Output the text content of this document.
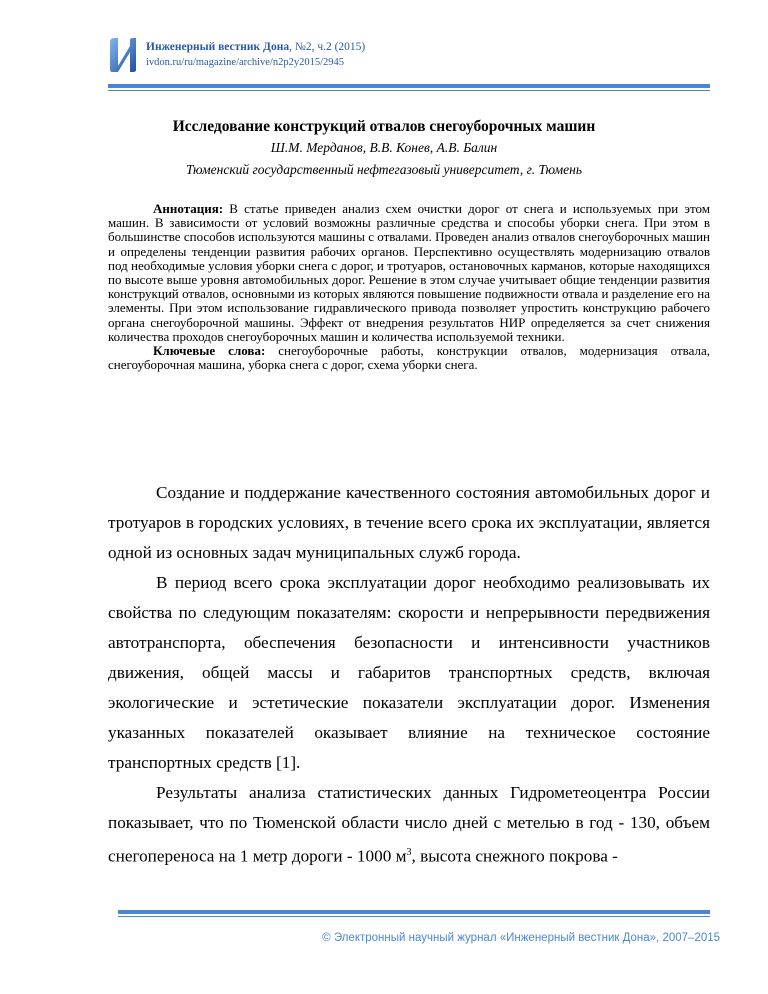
Инженерный вестник Дона, №2, ч.2 (2015)
ivdon.ru/ru/magazine/archive/n2p2y2015/2945
Исследование конструкций отвалов снегоуборочных машин
Ш.М. Мерданов, В.В. Конев, А.В. Балин
Тюменский государственный нефтегазовый университет, г. Тюмень

Аннотация: В статье приведен анализ схем очистки дорог от снега и используемых при этом машин. В зависимости от условий возможны различные средства и способы уборки снега. При этом в большинстве способов используются машины с отвалами. Проведен анализ отвалов снегоуборочных машин и определены тенденции развития рабочих органов. Перспективно осуществлять модернизацию отвалов под необходимые условия уборки снега с дорог, и тротуаров, остановочных карманов, которые находящихся по высоте выше уровня автомобильных дорог. Решение в этом случае учитывает общие тенденции развития конструкций отвалов, основными из которых являются повышение подвижности отвала и разделение его на элементы. При этом использование гидравлического привода позволяет упростить конструкцию рабочего органа снегоуборочной машины. Эффект от внедрения результатов НИР определяется за счет снижения количества проходов снегоуборочных машин и количества используемой техники.

Ключевые слова: снегоуборочные работы, конструкции отвалов, модернизация отвала, снегоуборочная машина, уборка снега с дорог, схема уборки снега.

Создание и поддержание качественного состояния автомобильных дорог и тротуаров в городских условиях, в течение всего срока их эксплуатации, является одной из основных задач муниципальных служб города.

В период всего срока эксплуатации дорог необходимо реализовывать их свойства по следующим показателям: скорости и непрерывности передвижения автотранспорта, обеспечения безопасности и интенсивности участников движения, общей массы и габаритов транспортных средств, включая экологические и эстетические показатели эксплуатации дорог. Изменения указанных показателей оказывает влияние на техническое состояние транспортных средств [1].

Результаты анализа статистических данных Гидрометеоцентра России показывает, что по Тюменской области число дней с метелью в год - 130, объем снегопереноса на 1 метр дороги - 1000 $м^3$, высота снежного покрова -

© Электронный научный журнал «Инженерный вестник Дона», 2007–2015
